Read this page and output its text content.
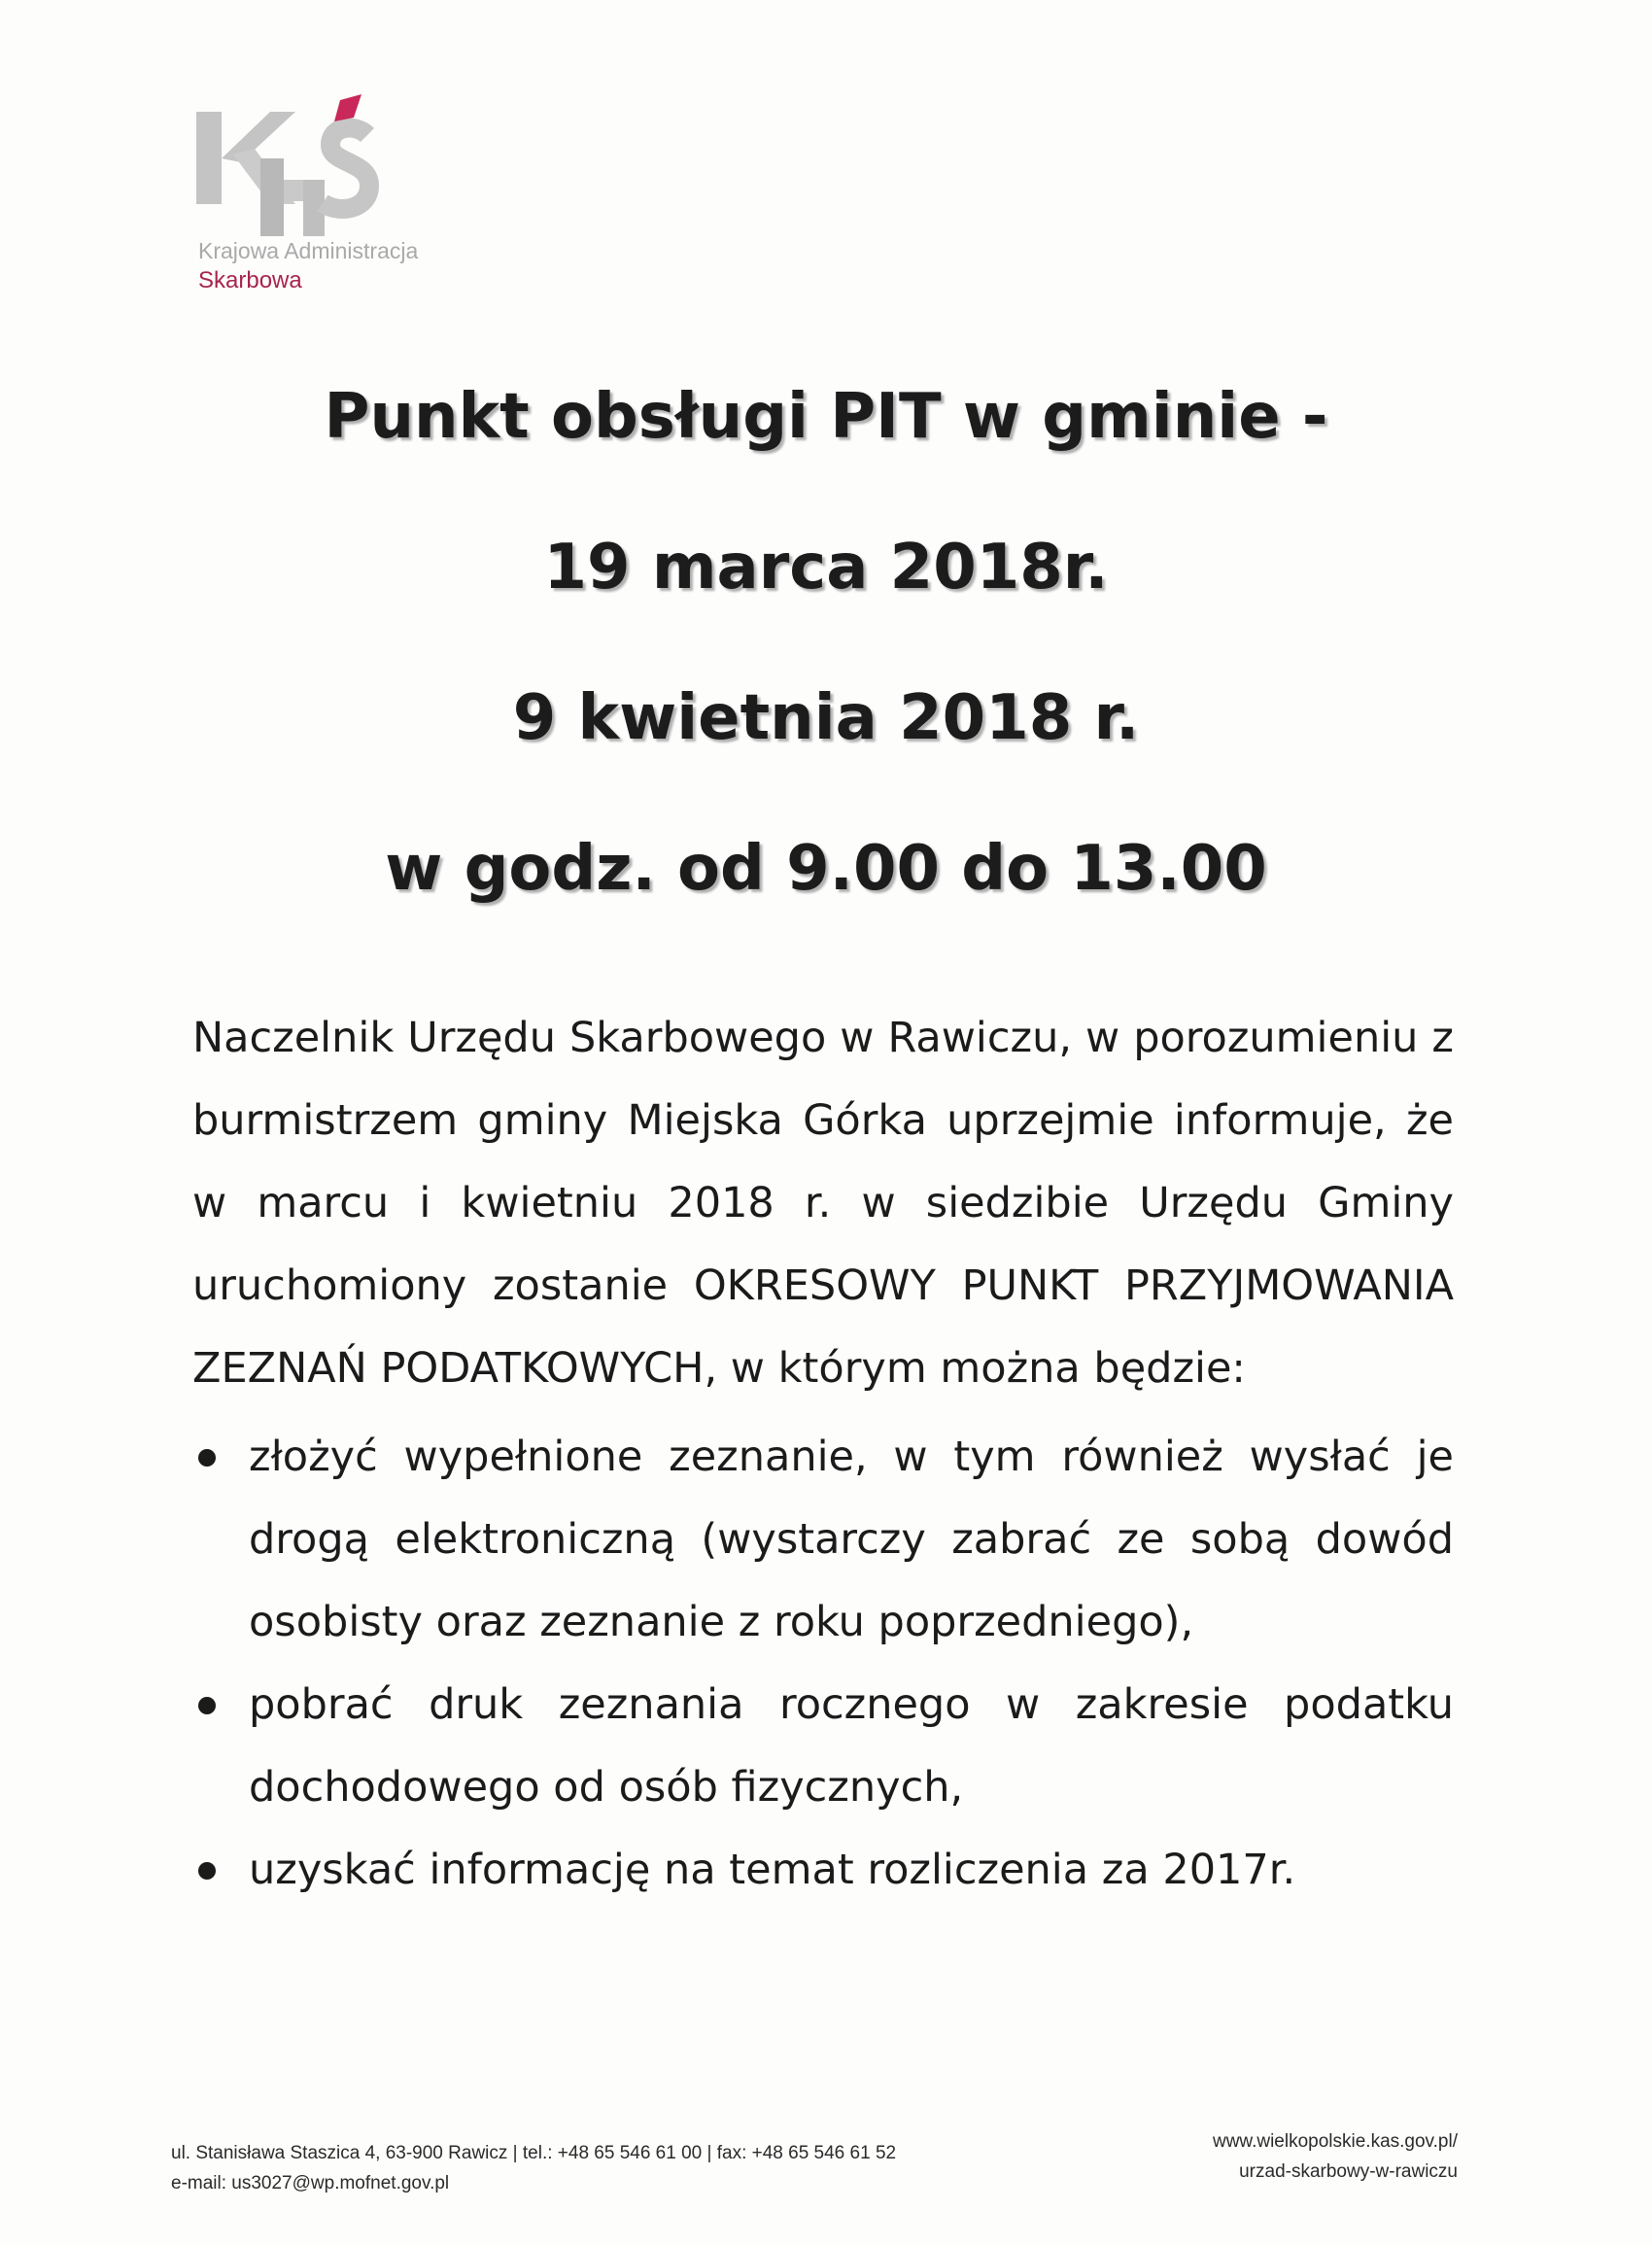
Krajowa Administracja
Skarbowa
Punkt obsługi PIT w gminie -
19 marca 2018r.
9 kwietnia 2018 r.
w godz. od 9.00 do 13.00

Naczelnik Urzędu Skarbowego w Rawiczu, w porozumieniu z burmistrzem gminy Miejska Górka uprzejmie informuje, że w marcu i kwietniu 2018 r. w siedzibie Urzędu Gminy uruchomiony zostanie OKRESOWY PUNKT PRZYJMOWANIA ZEZNAŃ PODATKOWYCH, w którym można będzie:

złożyć wypełnione zeznanie, w tym również wysłać je drogą elektroniczną (wystarczy zabrać ze sobą dowód osobisty oraz zeznanie z roku poprzedniego),
pobrać druk zeznania rocznego w zakresie podatku dochodowego od osób fizycznych,
uzyskać informację na temat rozliczenia za 2017r.
ul. Stanisława Staszica 4, 63-900 Rawicz | tel.: +48 65 546 61 00 | fax: +48 65 546 61 52
e-mail: us3027@wp.mofnet.gov.pl
www.wielkopolskie.kas.gov.pl/
urzad-skarbowy-w-rawiczu
